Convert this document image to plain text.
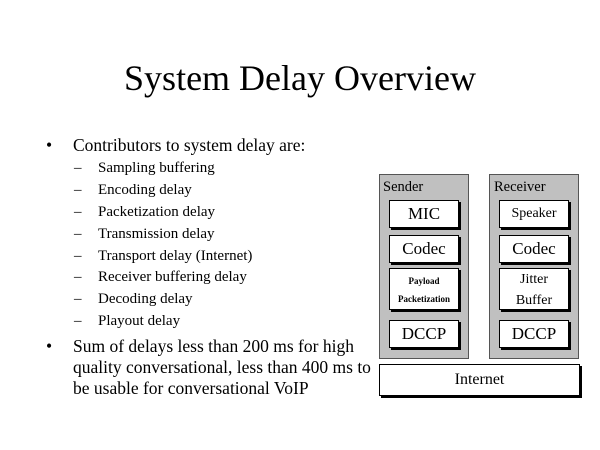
System Delay Overview
•	Contributors to system delay are:
– Sampling buffering
– Encoding delay
– Packetization delay
– Transmission delay
– Transport delay (Internet)
– Receiver buffering delay
– Decoding delay
– Playout delay
•	Sum of delays less than 200 ms for high quality conversational, less than 400 ms to be usable for conversational VoIP
Sender
MIC
Codec
Payload
Packetization
DCCP
Receiver
Speaker
Codec
Jitter
Buffer
DCCP
Internet
